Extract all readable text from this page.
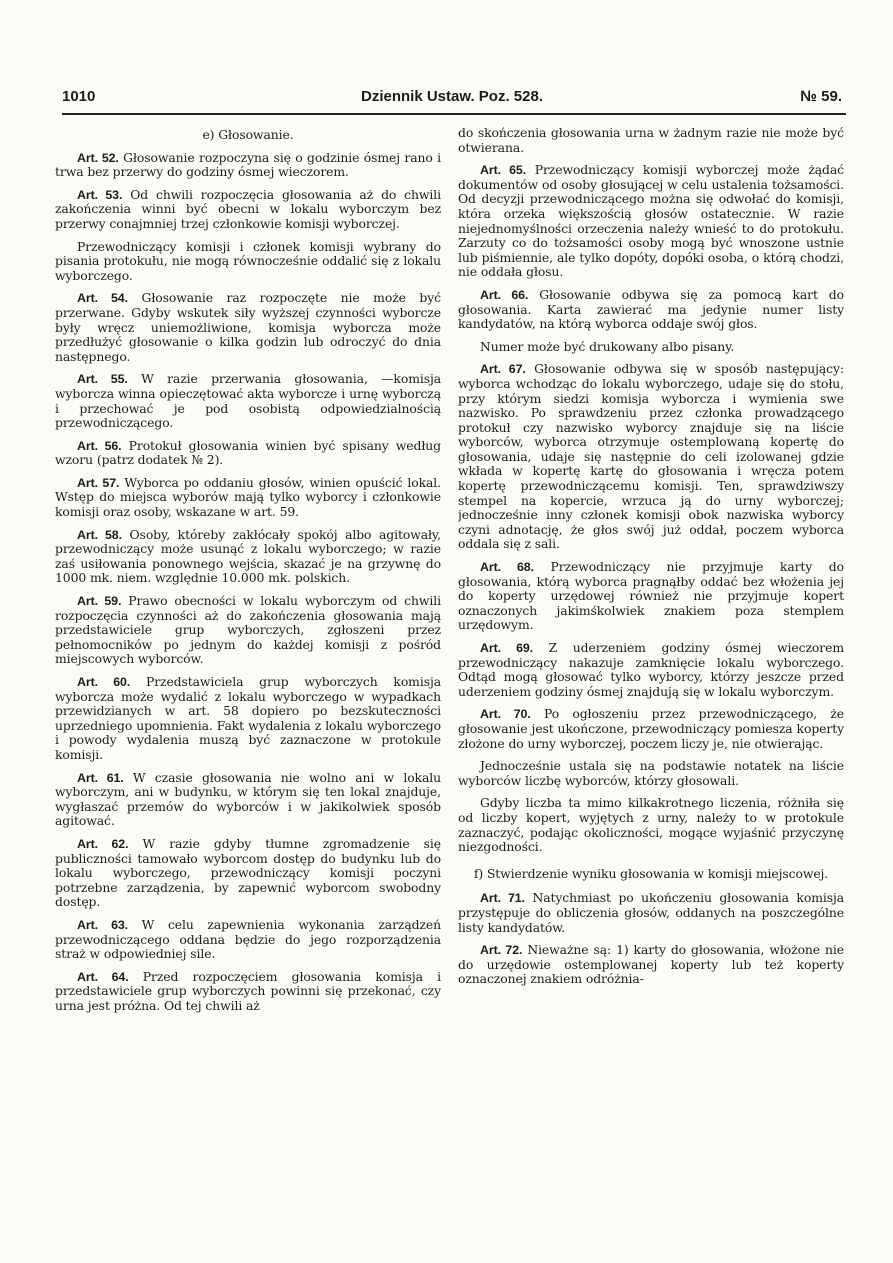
1010	Dziennik Ustaw. Poz. 528.	№ 59.

e) Głosowanie.

Art. 52. Głosowanie rozpoczyna się o godzinie ósmej rano i trwa bez przerwy do godziny ósmej wieczorem.

Art. 53. Od chwili rozpoczęcia głosowania aż do chwili zakończenia winni być obecni w lokalu wyborczym bez przerwy conajmniej trzej członkowie komisji wyborczej.

Przewodniczący komisji i członek komisji wybrany do pisania protokułu, nie mogą równocześnie oddalić się z lokalu wyborczego.

Art. 54. Głosowanie raz rozpoczęte nie może być przerwane. Gdyby wskutek siły wyższej czynności wyborcze były wręcz uniemożliwione, komisja wyborcza może przedłużyć głosowanie o kilka godzin lub odroczyć do dnia następnego.

Art. 55. W razie przerwania głosowania, —komisja wyborcza winna opieczętować akta wyborcze i urnę wyborczą i przechować je pod osobistą odpowiedzialnością przewodniczącego.

Art. 56. Protokuł głosowania winien być spisany według wzoru (patrz dodatek № 2).

Art. 57. Wyborca po oddaniu głosów, winien opuścić lokal. Wstęp do miejsca wyborów mają tylko wyborcy i członkowie komisji oraz osoby, wskazane w art. 59.

Art. 58. Osoby, któreby zakłócały spokój albo agitowały, przewodniczący może usunąć z lokalu wyborczego; w razie zaś usiłowania ponownego wejścia, skazać je na grzywnę do 1000 mk. niem. względnie 10.000 mk. polskich.

Art. 59. Prawo obecności w lokalu wyborczym od chwili rozpoczęcia czynności aż do zakończenia głosowania mają przedstawiciele grup wyborczych, zgłoszeni przez pełnomocników po jednym do każdej komisji z pośród miejscowych wyborców.

Art. 60. Przedstawiciela grup wyborczych komisja wyborcza może wydalić z lokalu wyborczego w wypadkach przewidzianych w art. 58 dopiero po bezskuteczności uprzedniego upomnienia. Fakt wydalenia z lokalu wyborczego i powody wydalenia muszą być zaznaczone w protokule komisji.

Art. 61. W czasie głosowania nie wolno ani w lokalu wyborczym, ani w budynku, w którym się ten lokal znajduje, wygłaszać przemów do wyborców i w jakikolwiek sposób agitować.

Art. 62. W razie gdyby tłumne zgromadzenie się publiczności tamowało wyborcom dostęp do budynku lub do lokalu wyborczego, przewodniczący komisji poczyni potrzebne zarządzenia, by zapewnić wyborcom swobodny dostęp.

Art. 63. W celu zapewnienia wykonania zarządzeń przewodniczącego oddana będzie do jego rozporządzenia straż w odpowiedniej sile.

Art. 64. Przed rozpoczęciem głosowania komisja i przedstawiciele grup wyborczych powinni się przekonać, czy urna jest próżna. Od tej chwili aż

do skończenia głosowania urna w żadnym razie nie może być otwierana.

Art. 65. Przewodniczący komisji wyborczej może żądać dokumentów od osoby głosującej w celu ustalenia tożsamości. Od decyzji przewodniczącego można się odwołać do komisji, która orzeka większością głosów ostatecznie. W razie niejednomyślności orzeczenia należy wnieść to do protokułu. Zarzuty co do tożsamości osoby mogą być wnoszone ustnie lub piśmiennie, ale tylko dopóty, dopóki osoba, o którą chodzi, nie oddała głosu.

Art. 66. Głosowanie odbywa się za pomocą kart do głosowania. Karta zawierać ma jedynie numer listy kandydatów, na którą wyborca oddaje swój głos.

Numer może być drukowany albo pisany.

Art. 67. Głosowanie odbywa się w sposób następujący: wyborca wchodząc do lokalu wyborczego, udaje się do stołu, przy którym siedzi komisja wyborcza i wymienia swe nazwisko. Po sprawdzeniu przez członka prowadzącego protokuł czy nazwisko wyborcy znajduje się na liście wyborców, wyborca otrzymuje ostemplowaną kopertę do głosowania, udaje się następnie do celi izolowanej gdzie wkłada w kopertę kartę do głosowania i wręcza potem kopertę przewodniczącemu komisji. Ten, sprawdziwszy stempel na kopercie, wrzuca ją do urny wyborczej; jednocześnie inny członek komisji obok nazwiska wyborcy czyni adnotację, że głos swój już oddał, poczem wyborca oddala się z sali.

Art. 68. Przewodniczący nie przyjmuje karty do głosowania, którą wyborca pragnąłby oddać bez włożenia jej do koperty urzędowej również nie przyjmuje kopert oznaczonych jakimśkolwiek znakiem poza stemplem urzędowym.

Art. 69. Z uderzeniem godziny ósmej wieczorem przewodniczący nakazuje zamknięcie lokalu wyborczego. Odtąd mogą głosować tylko wyborcy, którzy jeszcze przed uderzeniem godziny ósmej znajdują się w lokalu wyborczym.

Art. 70. Po ogłoszeniu przez przewodniczącego, że głosowanie jest ukończone, przewodniczący pomiesza koperty złożone do urny wyborczej, poczem liczy je, nie otwierając.

Jednocześnie ustala się na podstawie notatek na liście wyborców liczbę wyborców, którzy głosowali.

Gdyby liczba ta mimo kilkakrotnego liczenia, różniła się od liczby kopert, wyjętych z urny, należy to w protokule zaznaczyć, podając okoliczności, mogące wyjaśnić przyczynę niezgodności.

f) Stwierdzenie wyniku głosowania w komisji miejscowej.

Art. 71. Natychmiast po ukończeniu głosowania komisja przystępuje do obliczenia głosów, oddanych na poszczególne listy kandydatów.

Art. 72. Nieważne są: 1) karty do głosowania, włożone nie do urzędowie ostemplowanej koperty lub też koperty oznaczonej znakiem odróżnia-
